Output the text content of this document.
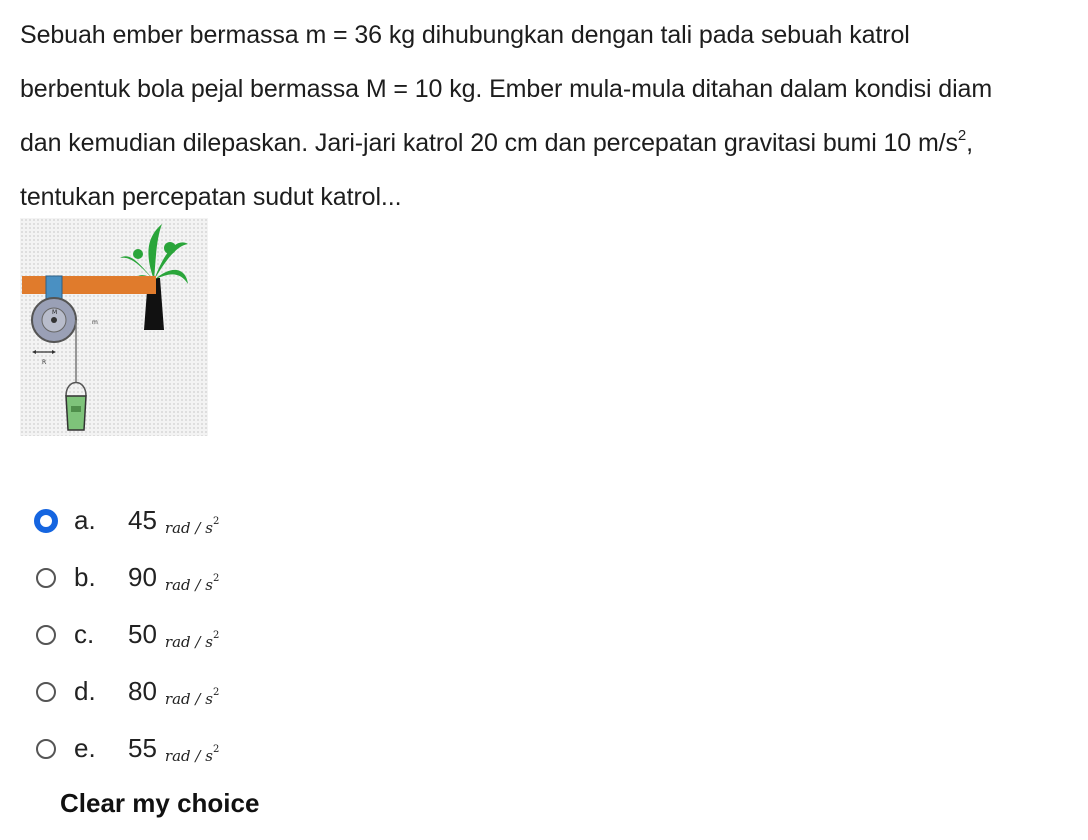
Sebuah ember bermassa m = 36 kg dihubungkan dengan tali pada sebuah katrol

berbentuk bola pejal bermassa M = 10 kg. Ember mula-mula ditahan dalam kondisi diam

dan kemudian dilepaskan. Jari-jari katrol 20 cm dan percepatan gravitasi bumi 10 $m/s^2$,

tentukan percepatan sudut katrol...

M
R
m
a.	45 rad / $s^2$
b.	90 rad / $s^2$
c.	50 rad / $s^2$
d.	80 rad / $s^2$
e.	55 rad / $s^2$
Clear my choice
